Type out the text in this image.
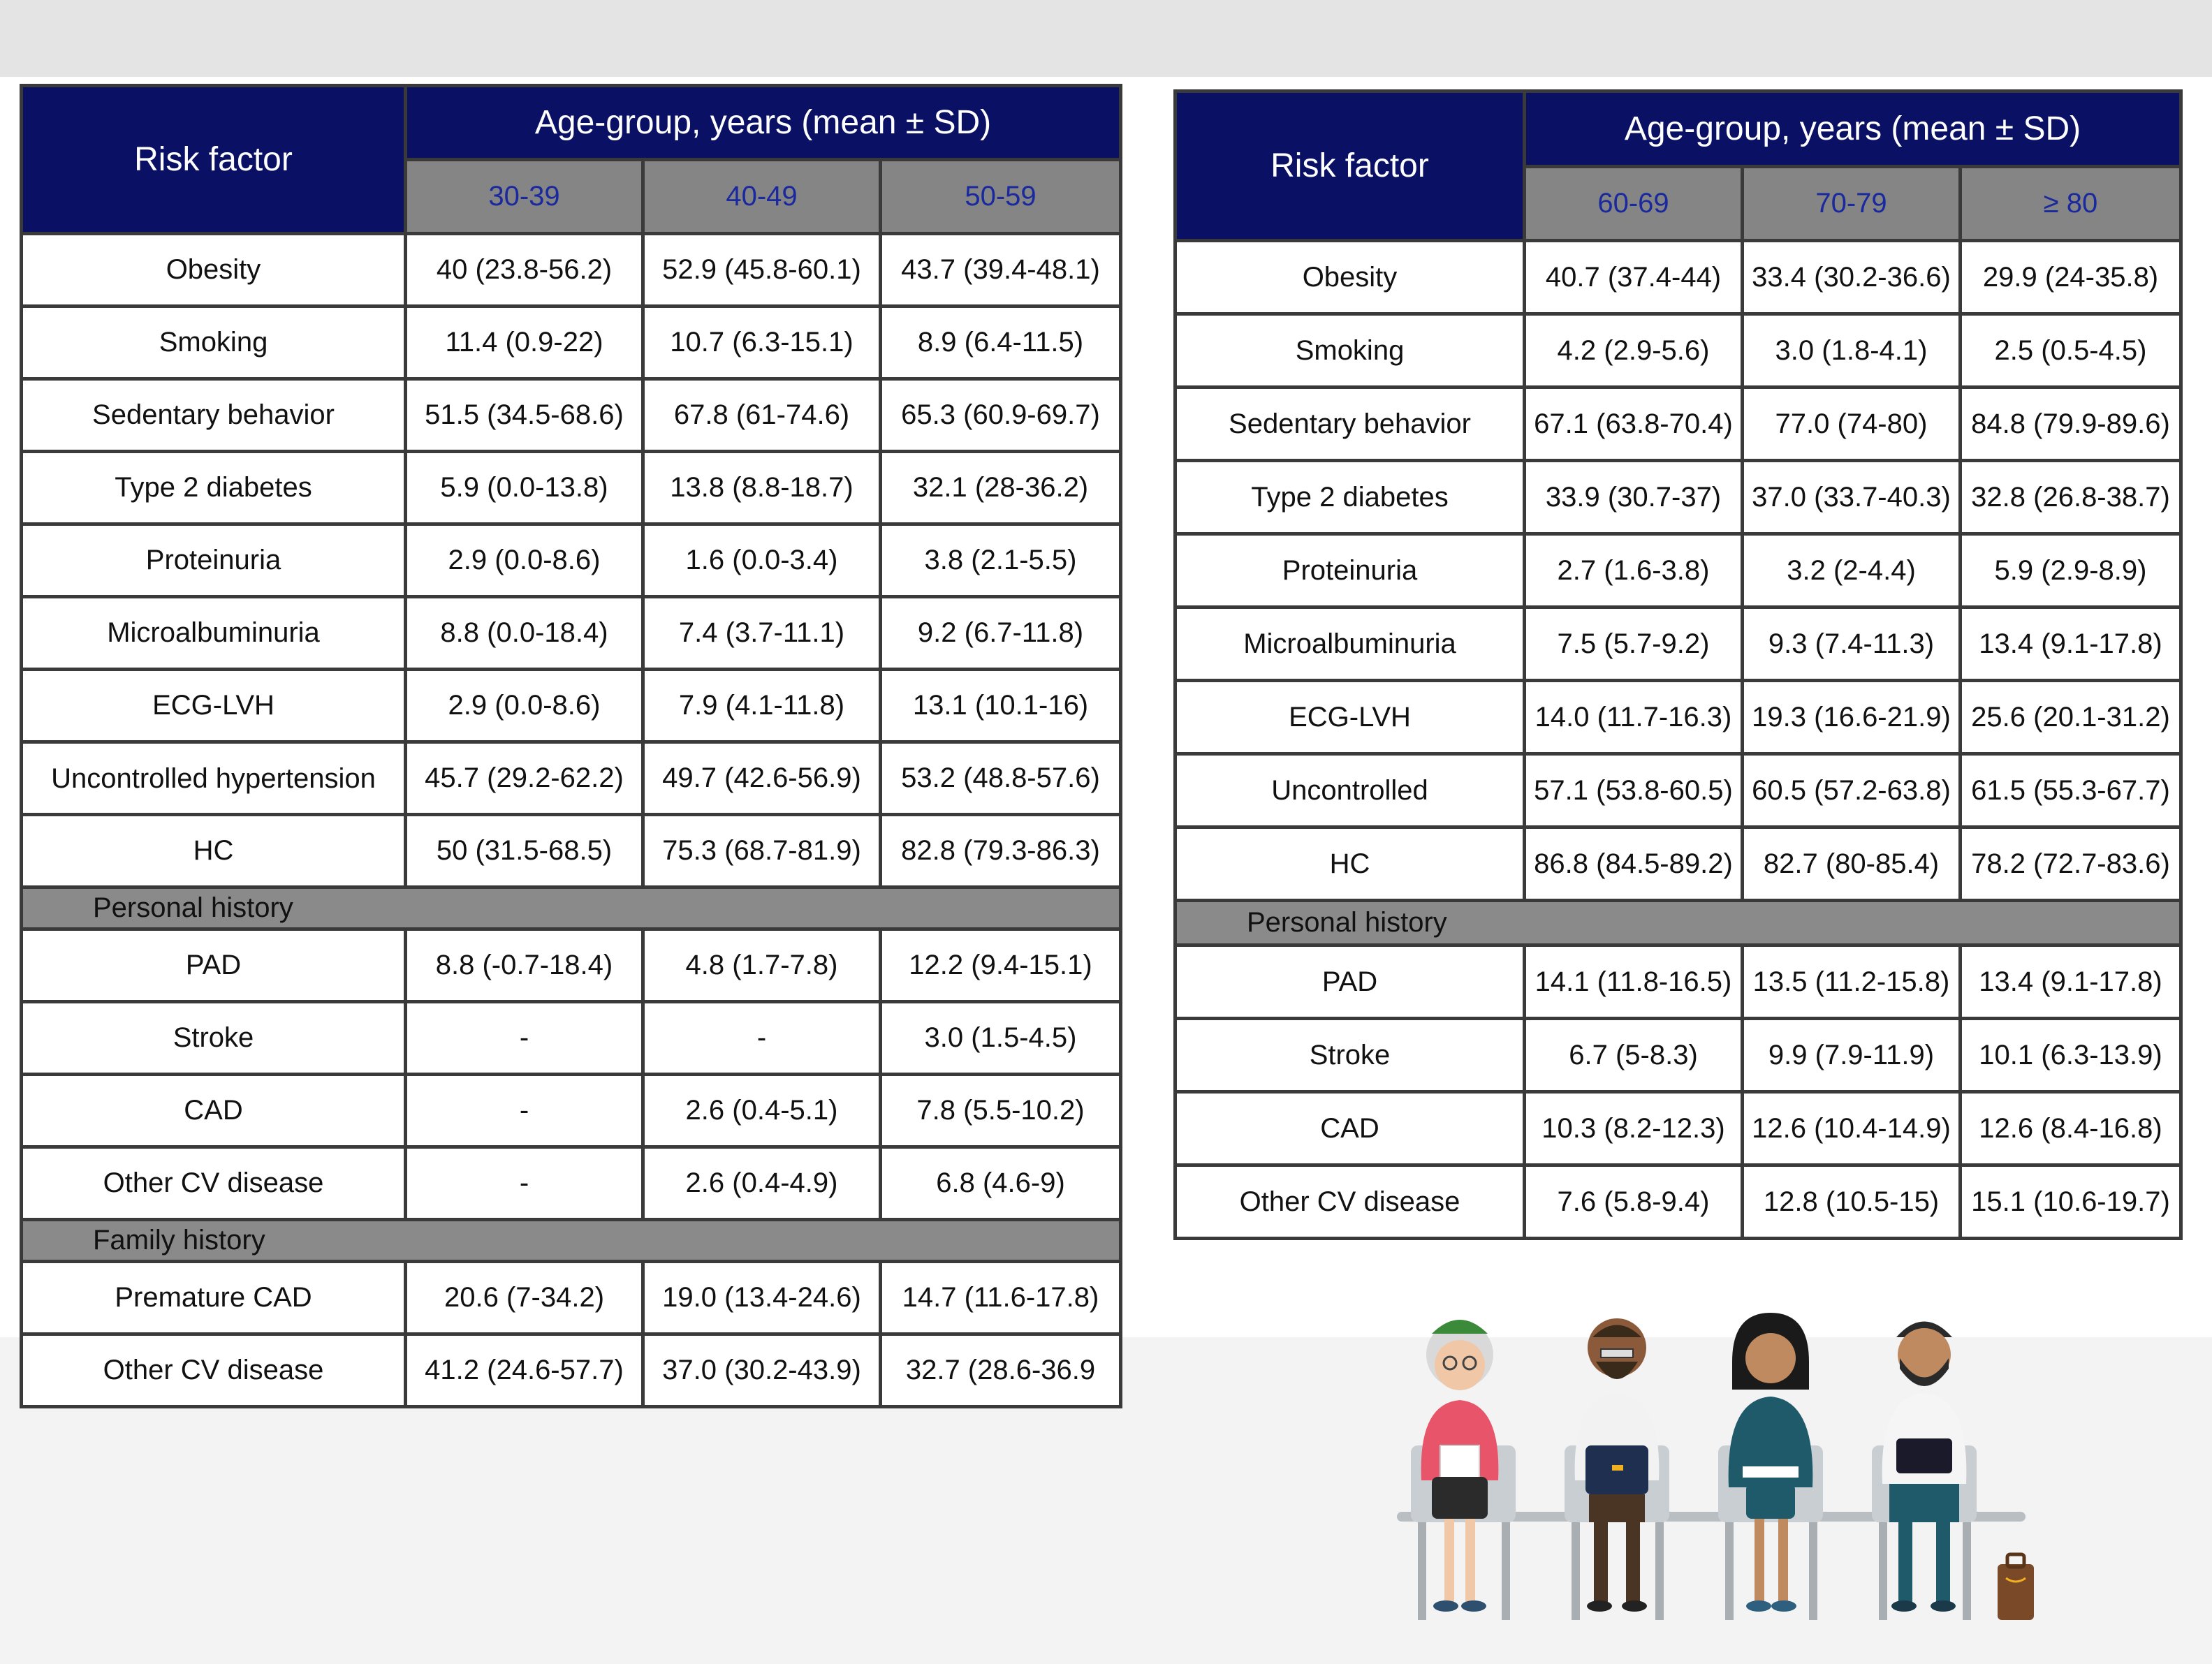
Risk factor	Age-group, years (mean ± SD)		
	30-39	40-49	50-59
Obesity	40 (23.8-56.2)	52.9 (45.8-60.1)	43.7 (39.4-48.1)
Smoking	11.4 (0.9-22)	10.7 (6.3-15.1)	8.9 (6.4-11.5)
Sedentary behavior	51.5 (34.5-68.6)	67.8 (61-74.6)	65.3 (60.9-69.7)
Type 2 diabetes	5.9 (0.0-13.8)	13.8 (8.8-18.7)	32.1 (28-36.2)
Proteinuria	2.9 (0.0-8.6)	1.6 (0.0-3.4)	3.8 (2.1-5.5)
Microalbuminuria	8.8 (0.0-18.4)	7.4 (3.7-11.1)	9.2 (6.7-11.8)
ECG-LVH	2.9 (0.0-8.6)	7.9 (4.1-11.8)	13.1 (10.1-16)
Uncontrolled hypertension	45.7 (29.2-62.2)	49.7 (42.6-56.9)	53.2 (48.8-57.6)
HC	50 (31.5-68.5)	75.3 (68.7-81.9)	82.8 (79.3-86.3)
Personal history			
PAD	8.8 (-0.7-18.4)	4.8 (1.7-7.8)	12.2 (9.4-15.1)
Stroke	-	-	3.0 (1.5-4.5)
CAD	-	2.6 (0.4-5.1)	7.8 (5.5-10.2)
Other CV disease	-	2.6 (0.4-4.9)	6.8 (4.6-9)
Family history			
Premature CAD	20.6 (7-34.2)	19.0 (13.4-24.6)	14.7 (11.6-17.8)
Other CV disease	41.2 (24.6-57.7)	37.0 (30.2-43.9)	32.7 (28.6-36.9
Risk factor	Age-group, years (mean ± SD)		
	60-69	70-79	≥ 80
Obesity	40.7 (37.4-44)	33.4 (30.2-36.6)	29.9 (24-35.8)
Smoking	4.2 (2.9-5.6)	3.0 (1.8-4.1)	2.5 (0.5-4.5)
Sedentary behavior	67.1 (63.8-70.4)	77.0 (74-80)	84.8 (79.9-89.6)
Type 2 diabetes	33.9 (30.7-37)	37.0 (33.7-40.3)	32.8 (26.8-38.7)
Proteinuria	2.7 (1.6-3.8)	3.2 (2-4.4)	5.9 (2.9-8.9)
Microalbuminuria	7.5 (5.7-9.2)	9.3 (7.4-11.3)	13.4 (9.1-17.8)
ECG-LVH	14.0 (11.7-16.3)	19.3 (16.6-21.9)	25.6 (20.1-31.2)
Uncontrolled	57.1 (53.8-60.5)	60.5 (57.2-63.8)	61.5 (55.3-67.7)
HC	86.8 (84.5-89.2)	82.7 (80-85.4)	78.2 (72.7-83.6)
Personal history			
PAD	14.1 (11.8-16.5)	13.5 (11.2-15.8)	13.4 (9.1-17.8)
Stroke	6.7 (5-8.3)	9.9 (7.9-11.9)	10.1 (6.3-13.9)
CAD	10.3 (8.2-12.3)	12.6 (10.4-14.9)	12.6 (8.4-16.8)
Other CV disease	7.6 (5.8-9.4)	12.8 (10.5-15)	15.1 (10.6-19.7)
